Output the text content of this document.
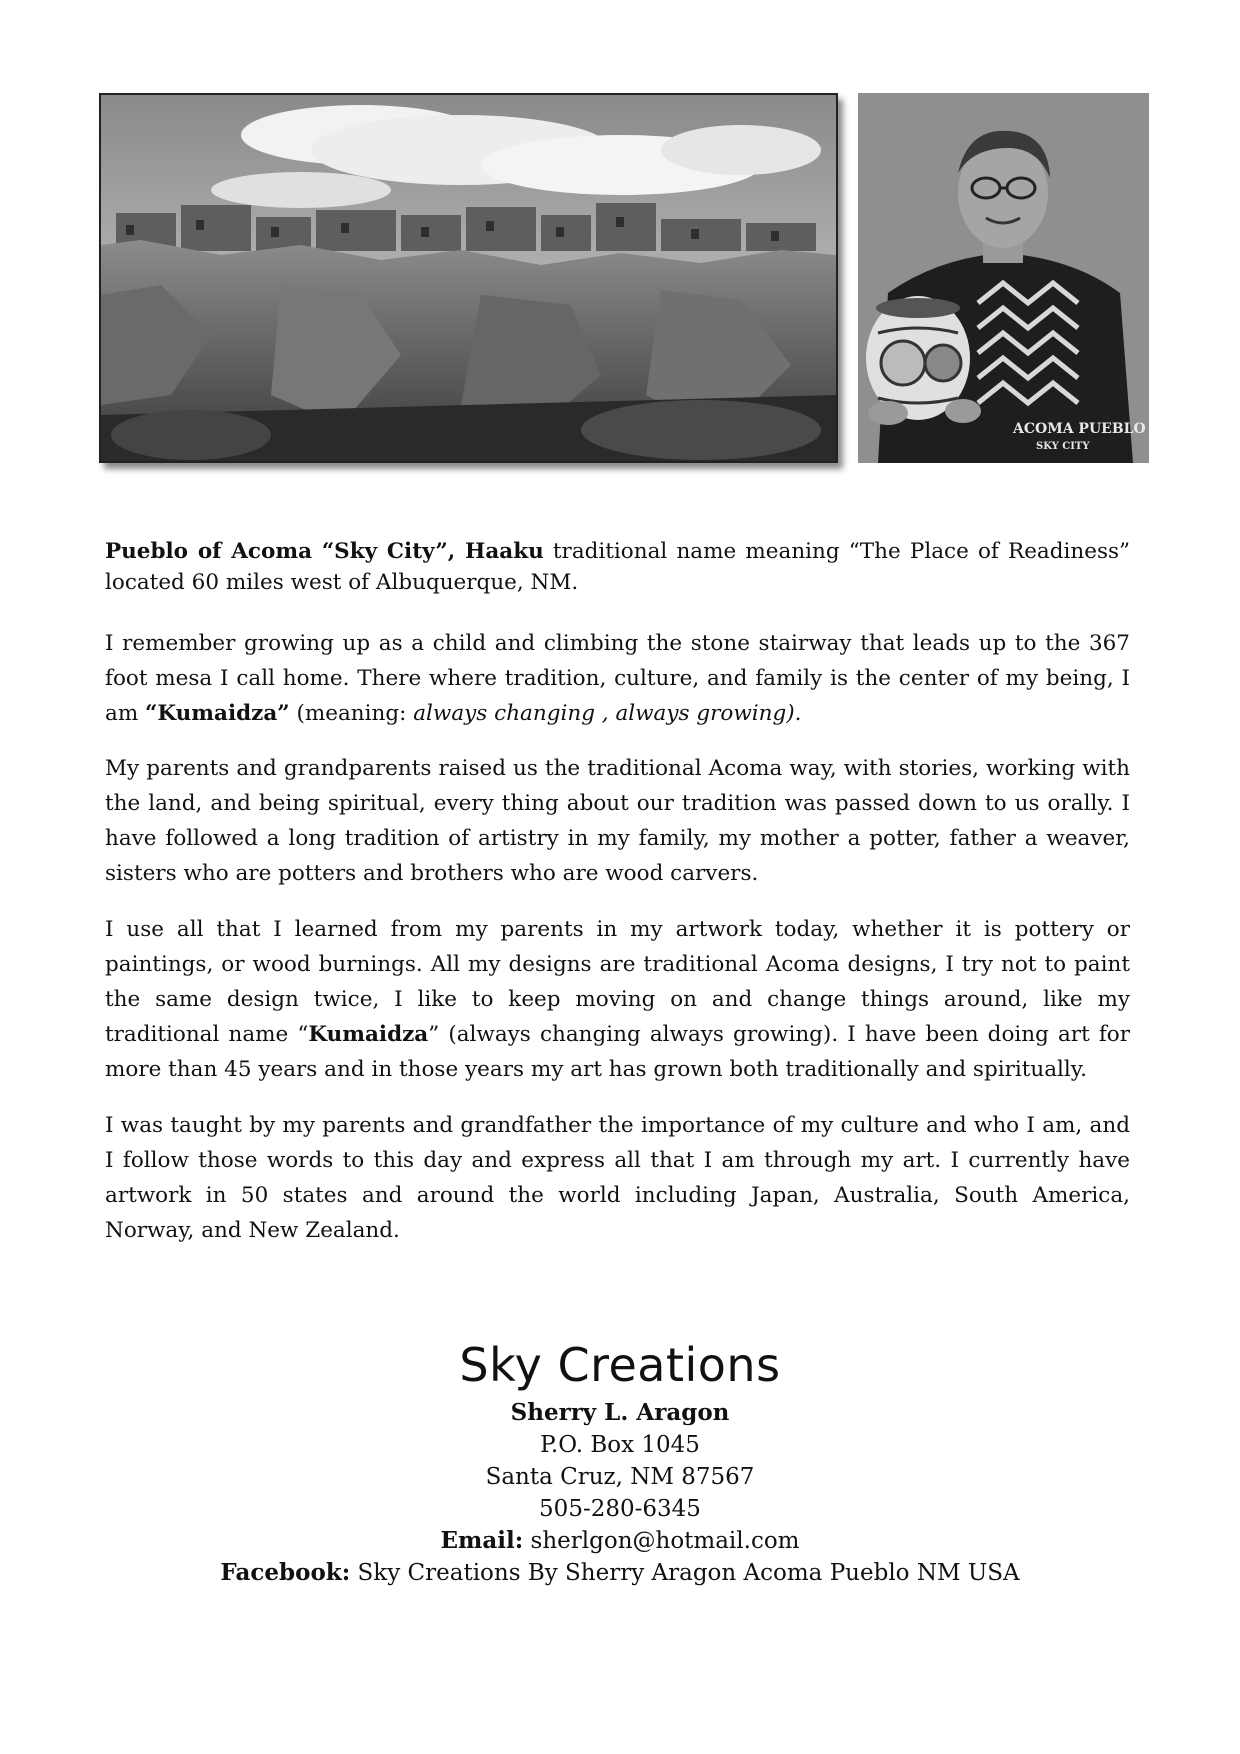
ACOMA PUEBLO
SKY CITY
Pueblo of Acoma “Sky City”, Haaku traditional name meaning “The Place of Readiness” located 60 miles west of Albuquerque, NM.
I remember growing up as a child and climbing the stone stairway that leads up to the 367 foot mesa I call home. There where tradition, culture, and family is the center of my being, I am “Kumaidza” (meaning: always changing , always growing).
My parents and grandparents raised us the traditional Acoma way, with stories, working with the land, and being spiritual, every thing about our tradition was passed down to us orally. I have followed a long tradition of artistry in my family, my mother a potter, father a weaver, sisters who are potters and brothers who are wood carvers.
I use all that I learned from my parents in my artwork today, whether it is pottery or paintings, or wood burnings. All my designs are traditional Acoma designs, I try not to paint the same design twice, I like to keep moving on and change things around, like my traditional name “Kumaidza” (always changing always growing). I have been doing art for more than 45 years and in those years my art has grown both traditionally and spiritually.
I was taught by my parents and grandfather the importance of my culture and who I am, and I follow those words to this day and express all that I am through my art. I currently have artwork in 50 states and around the world including Japan, Australia, South America, Norway, and New Zealand.
Sky Creations
Sherry L. Aragon
P.O. Box 1045
Santa Cruz, NM 87567
505-280-6345
Email: sherlgon@hotmail.com
Facebook: Sky Creations By Sherry Aragon Acoma Pueblo NM USA
